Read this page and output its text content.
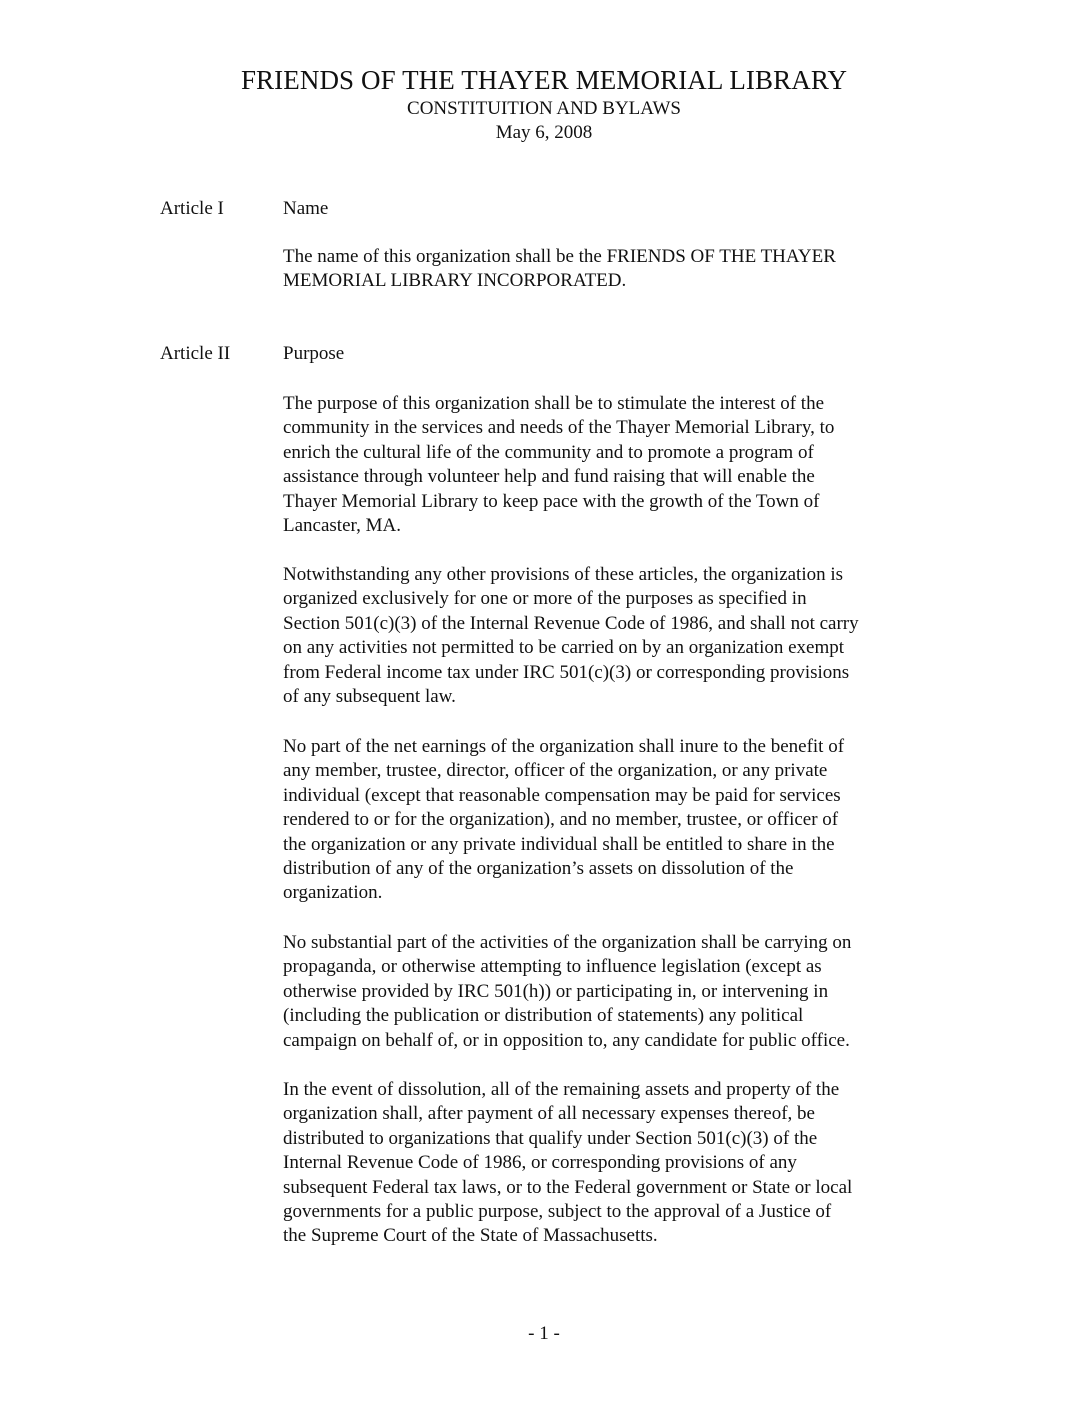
FRIENDS OF THE THAYER MEMORIAL LIBRARY
CONSTITUITION AND BYLAWS
May 6, 2008
Article I	Name
The name of this organization shall be the FRIENDS OF THE THAYER
MEMORIAL LIBRARY INCORPORATED.
Article II	Purpose
The purpose of this organization shall be to stimulate the interest of the
community in the services and needs of the Thayer Memorial Library, to
enrich the cultural life of the community and to promote a program of
assistance through volunteer help and fund raising that will enable the
Thayer Memorial Library to keep pace with the growth of the Town of
Lancaster, MA.
Notwithstanding any other provisions of these articles, the organization is
organized exclusively for one or more of the purposes as specified in
Section 501(c)(3) of the Internal Revenue Code of 1986, and shall not carry
on any activities not permitted to be carried on by an organization exempt
from Federal income tax under IRC 501(c)(3) or corresponding provisions
of any subsequent law.
No part of the net earnings of the organization shall inure to the benefit of
any member, trustee, director, officer of the organization, or any private
individual (except that reasonable compensation may be paid for services
rendered to or for the organization), and no member, trustee, or officer of
the organization or any private individual shall be entitled to share in the
distribution of any of the organization’s assets on dissolution of the
organization.
No substantial part of the activities of the organization shall be carrying on
propaganda, or otherwise attempting to influence legislation (except as
otherwise provided by IRC 501(h)) or participating in, or intervening in
(including the publication or distribution of statements) any political
campaign on behalf of, or in opposition to, any candidate for public office.
In the event of dissolution, all of the remaining assets and property of the
organization shall, after payment of all necessary expenses thereof, be
distributed to organizations that qualify under Section 501(c)(3) of the
Internal Revenue Code of 1986, or corresponding provisions of any
subsequent Federal tax laws, or to the Federal government or State or local
governments for a public purpose, subject to the approval of a Justice of
the Supreme Court of the State of Massachusetts.
- 1 -
